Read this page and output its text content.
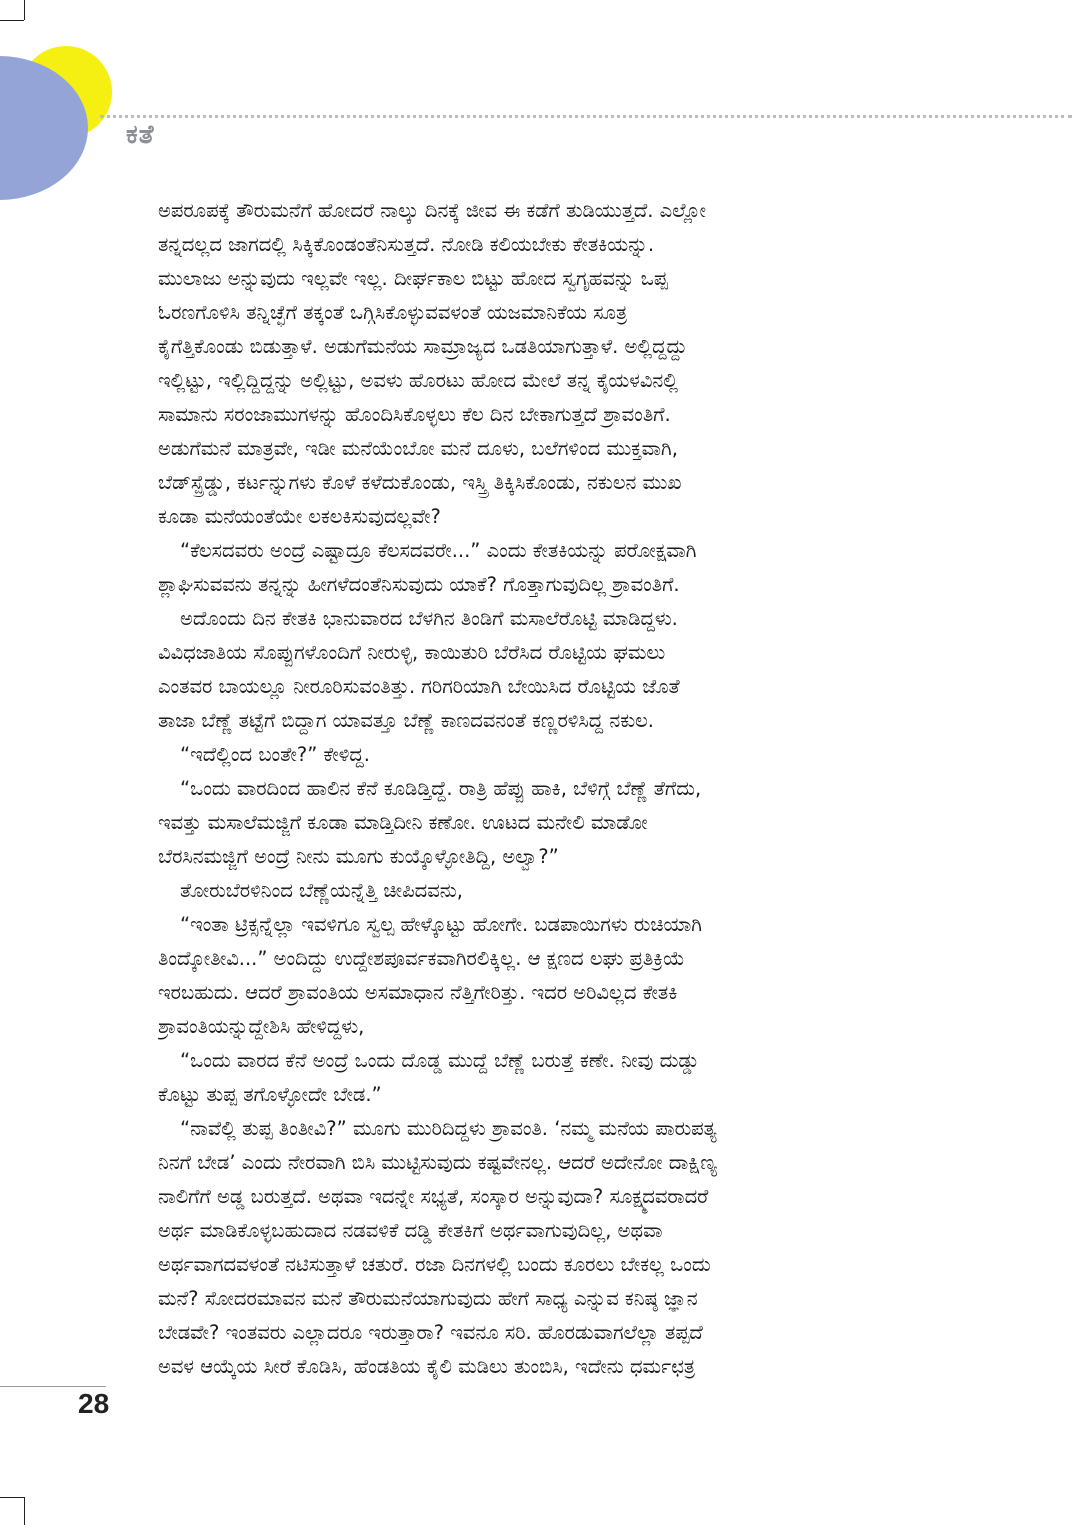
ಕತೆ
ಅಪರೂಪಕ್ಕೆ ತೌರುಮನೆಗೆ ಹೋದರೆ ನಾಲ್ಕು ದಿನಕ್ಕೆ ಜೀವ ಈ ಕಡೆಗೆ ತುಡಿಯುತ್ತದೆ. ಎಲ್ಲೋ
ತನ್ನದಲ್ಲದ ಜಾಗದಲ್ಲಿ ಸಿಕ್ಕಿಕೊಂಡಂತೆನಿಸುತ್ತದೆ. ನೋಡಿ ಕಲಿಯಬೇಕು ಕೇತಕಿಯನ್ನು.
ಮುಲಾಜು ಅನ್ನುವುದು ಇಲ್ಲವೇ ಇಲ್ಲ. ದೀರ್ಘಕಾಲ ಬಿಟ್ಟು ಹೋದ ಸ್ವಗೃಹವನ್ನು ಒಪ್ಪ
ಓರಣಗೊಳಿಸಿ ತನ್ನಿಚ್ಛೆಗೆ ತಕ್ಕಂತೆ ಒಗ್ಗಿಸಿಕೊಳ್ಳುವವಳಂತೆ ಯಜಮಾನಿಕೆಯ ಸೂತ್ರ
ಕೈಗೆತ್ತಿಕೊಂಡು ಬಿಡುತ್ತಾಳೆ. ಅಡುಗೆಮನೆಯ ಸಾಮ್ರಾಜ್ಯದ ಒಡತಿಯಾಗುತ್ತಾಳೆ. ಅಲ್ಲಿದ್ದದ್ದು
ಇಲ್ಲಿಟ್ಟು, ಇಲ್ಲಿದ್ದಿದ್ದನ್ನು ಅಲ್ಲಿಟ್ಟು, ಅವಳು ಹೊರಟು ಹೋದ ಮೇಲೆ ತನ್ನ ಕೈಯಳವಿನಲ್ಲಿ
ಸಾಮಾನು ಸರಂಜಾಮುಗಳನ್ನು ಹೊಂದಿಸಿಕೊಳ್ಳಲು ಕೆಲ ದಿನ ಬೇಕಾಗುತ್ತದೆ ಶ್ರಾವಂತಿಗೆ.
ಅಡುಗೆಮನೆ ಮಾತ್ರವೇ, ಇಡೀ ಮನೆಯೆಂಬೋ ಮನೆ ದೂಳು, ಬಲೆಗಳಿಂದ ಮುಕ್ತವಾಗಿ,
ಬೆಡ್‌ಸ್ಪ್ರೆಡ್ಡು, ಕರ್ಟನ್ನುಗಳು ಕೊಳೆ ಕಳೆದುಕೊಂಡು, ಇಸ್ತ್ರಿ ತಿಕ್ಕಿಸಿಕೊಂಡು, ನಕುಲನ ಮುಖ
ಕೂಡಾ ಮನೆಯಂತೆಯೇ ಲಕಲಕಿಸುವುದಲ್ಲವೇ?
“ಕೆಲಸದವರು ಅಂದ್ರೆ ಎಷ್ಟಾದ್ರೂ ಕೆಲಸದವರೇ...” ಎಂದು ಕೇತಕಿಯನ್ನು ಪರೋಕ್ಷವಾಗಿ
ಶ್ಲಾಘಿಸುವವನು ತನ್ನನ್ನು ಹೀಗಳೆದಂತೆನಿಸುವುದು ಯಾಕೆ? ಗೊತ್ತಾಗುವುದಿಲ್ಲ ಶ್ರಾವಂತಿಗೆ.
ಅದೊಂದು ದಿನ ಕೇತಕಿ ಭಾನುವಾರದ ಬೆಳಗಿನ ತಿಂಡಿಗೆ ಮಸಾಲೆರೊಟ್ಟಿ ಮಾಡಿದ್ದಳು.
ವಿವಿಧಜಾತಿಯ ಸೊಪ್ಪುಗಳೊಂದಿಗೆ ನೀರುಳ್ಳಿ, ಕಾಯಿತುರಿ ಬೆರೆಸಿದ ರೊಟ್ಟಿಯ ಘಮಲು
ಎಂತವರ ಬಾಯಲ್ಲೂ ನೀರೂರಿಸುವಂತಿತ್ತು. ಗರಿಗರಿಯಾಗಿ ಬೇಯಿಸಿದ ರೊಟ್ಟಿಯ ಜೊತೆ
ತಾಜಾ ಬೆಣ್ಣೆ ತಟ್ಟೆಗೆ ಬಿದ್ದಾಗ ಯಾವತ್ತೂ ಬೆಣ್ಣೆ ಕಾಣದವನಂತೆ ಕಣ್ಣರಳಿಸಿದ್ದ ನಕುಲ.
“ಇದೆಲ್ಲಿಂದ ಬಂತೇ?” ಕೇಳಿದ್ದ.
“ಒಂದು ವಾರದಿಂದ ಹಾಲಿನ ಕೆನೆ ಕೂಡಿಡ್ತಿದ್ದೆ. ರಾತ್ರಿ ಹೆಪ್ಪು ಹಾಕಿ, ಬೆಳಿಗ್ಗೆ ಬೆಣ್ಣೆ ತೆಗೆದು,
ಇವತ್ತು ಮಸಾಲೆಮಜ್ಜಿಗೆ ಕೂಡಾ ಮಾಡ್ತಿದೀನಿ ಕಣೋ. ಊಟದ ಮನೇಲಿ ಮಾಡೋ
ಬೆರಸಿನಮಜ್ಜಿಗೆ ಅಂದ್ರೆ ನೀನು ಮೂಗು ಕುಯ್ಕೊಳ್ಳೋತಿದ್ದಿ, ಅಲ್ವಾ?”
ತೋರುಬೆರಳಿನಿಂದ ಬೆಣ್ಣೆಯನ್ನೆತ್ತಿ ಚೀಪಿದವನು,
“ಇಂತಾ ಟ್ರಿಕ್ಸನ್ನೆಲ್ಲಾ ಇವಳಿಗೂ ಸ್ವಲ್ಪ ಹೇಳ್ಕೊಟ್ಟು ಹೋಗೇ. ಬಡಪಾಯಿಗಳು ರುಚಿಯಾಗಿ
ತಿಂದ್ಕೋತೀವಿ...” ಅಂದಿದ್ದು ಉದ್ದೇಶಪೂರ್ವಕವಾಗಿರಲಿಕ್ಕಿಲ್ಲ. ಆ ಕ್ಷಣದ ಲಘು ಪ್ರತಿಕ್ರಿಯೆ
ಇರಬಹುದು. ಆದರೆ ಶ್ರಾವಂತಿಯ ಅಸಮಾಧಾನ ನೆತ್ತಿಗೇರಿತ್ತು. ಇದರ ಅರಿವಿಲ್ಲದ ಕೇತಕಿ
ಶ್ರಾವಂತಿಯನ್ನುದ್ದೇಶಿಸಿ ಹೇಳಿದ್ದಳು,
“ಒಂದು ವಾರದ ಕೆನೆ ಅಂದ್ರೆ ಒಂದು ದೊಡ್ಡ ಮುದ್ದೆ ಬೆಣ್ಣೆ ಬರುತ್ತೆ ಕಣೇ. ನೀವು ದುಡ್ಡು
ಕೊಟ್ಟು ತುಪ್ಪ ತಗೊಳ್ಳೋದೇ ಬೇಡ.”
“ನಾವೆಲ್ಲಿ ತುಪ್ಪ ತಿಂತೀವಿ?” ಮೂಗು ಮುರಿದಿದ್ದಳು ಶ್ರಾವಂತಿ. ‘ನಮ್ಮ ಮನೆಯ ಪಾರುಪತ್ಯ
ನಿನಗೆ ಬೇಡ’ ಎಂದು ನೇರವಾಗಿ ಬಿಸಿ ಮುಟ್ಟಿಸುವುದು ಕಷ್ಟವೇನಲ್ಲ. ಆದರೆ ಅದೇನೋ ದಾಕ್ಷಿಣ್ಯ
ನಾಲಿಗೆಗೆ ಅಡ್ಡ ಬರುತ್ತದೆ. ಅಥವಾ ಇದನ್ನೇ ಸಭ್ಯತೆ, ಸಂಸ್ಕಾರ ಅನ್ನುವುದಾ? ಸೂಕ್ಷ್ಮದವರಾದರೆ
ಅರ್ಥ ಮಾಡಿಕೊಳ್ಳಬಹುದಾದ ನಡವಳಿಕೆ ದಡ್ಡಿ ಕೇತಕಿಗೆ ಅರ್ಥವಾಗುವುದಿಲ್ಲ, ಅಥವಾ
ಅರ್ಥವಾಗದವಳಂತೆ ನಟಿಸುತ್ತಾಳೆ ಚತುರೆ. ರಜಾ ದಿನಗಳಲ್ಲಿ ಬಂದು ಕೂರಲು ಬೇಕಲ್ಲ ಒಂದು
ಮನೆ? ಸೋದರಮಾವನ ಮನೆ ತೌರುಮನೆಯಾಗುವುದು ಹೇಗೆ ಸಾಧ್ಯ ಎನ್ನುವ ಕನಿಷ್ಠ ಜ್ಞಾನ
ಬೇಡವೇ? ಇಂತವರು ಎಲ್ಲಾದರೂ ಇರುತ್ತಾರಾ? ಇವನೂ ಸರಿ. ಹೊರಡುವಾಗಲೆಲ್ಲಾ ತಪ್ಪದೆ
ಅವಳ ಆಯ್ಕೆಯ ಸೀರೆ ಕೊಡಿಸಿ, ಹೆಂಡತಿಯ ಕೈಲಿ ಮಡಿಲು ತುಂಬಿಸಿ, ಇದೇನು ಧರ್ಮಛತ್ರ
28
